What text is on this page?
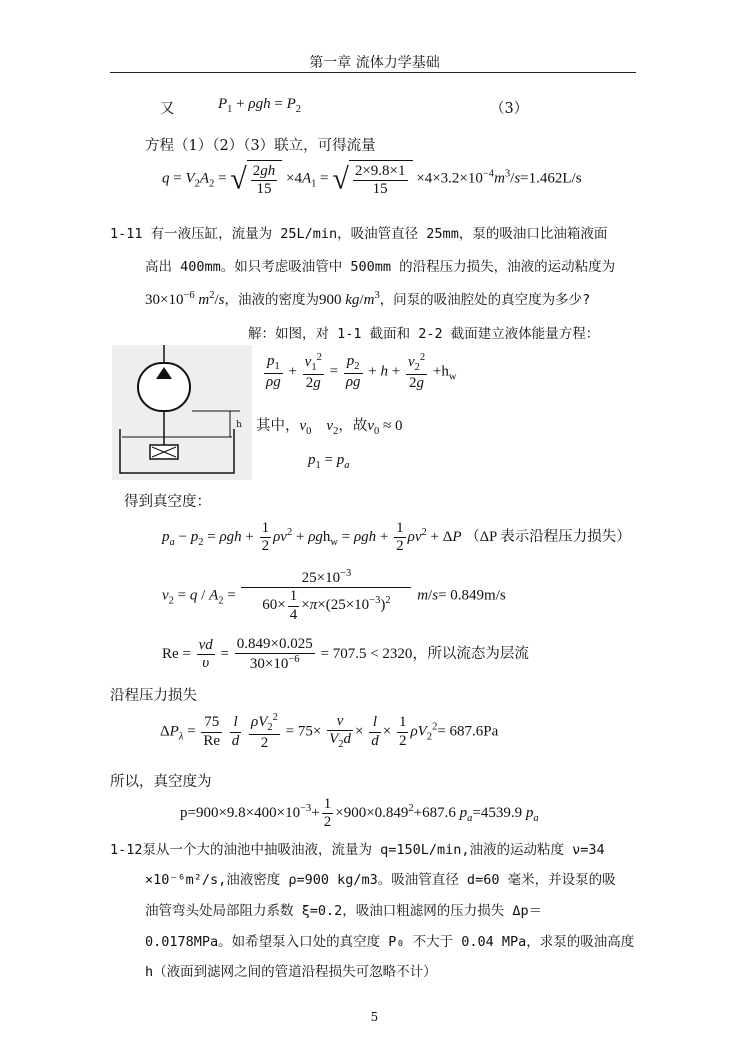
第一章 流体力学基础
又	$P_1 + \rho gh = P_2$	（3）
方程（1）（2）（3）联立，可得流量
$q = V_2A_2$ = √ $\frac{2gh}{15} \times 4A_1$ = √ $\frac{2\times 9.8\times 1}{15} \times 4\times 3.2\times 10^{-4}m^3/s=1.462L/s$
1-11 有一液压缸，流量为 25L/min，吸油管直径 25mm，泵的吸油口比油箱液面
高出 400mm。如只考虑吸油管中 500mm 的沿程压力损失，油液的运动粘度为
$30\times 10^{-6}$ $m^2/s$，油液的密度为900 $kg/m^3$，问泵的吸油腔处的真空度为多少?
解：如图，对 1-1 截面和 2-2 截面建立液体能量方程：
h
$\frac{p_1}{\rho g} + \frac{v_1^2}{2g} = \frac{p_2}{\rho g} + h + \frac{v_2^2}{2g} +h_w$
其中，$v_0$ $v_2$，故$v_0 \approx 0$
$p_1 = p_a$
得到真空度：
$p_a - p_2 = \rho gh + \frac{1}{2} \rho v^2 + \rho gh_w = \rho gh + \frac{1}{2} \rho v^2 + \Delta P$ （ΔP 表示沿程压力损失）
$v_2 = q / A_2 = \frac{25\times 10^{-3}}{60\times \frac{1}{4} \times\pi\times(25\times 10^{-3})^2} m/s= 0.849m/s$
$Re = \frac{vd}{\upsilon} = \frac{0.849\times 0.025}{30\times 10^{-6}} = 707.5 < 2320$，所以流态为层流
沿程压力损失
$\Delta P_\lambda = \frac{75}{Re}$
$\frac{l}{d}$
$\frac{\rho V_2^2}{2} = 75\times \frac{\nu}{V_2d} \times \frac{l}{d} \times \frac{1}{2} \rho V_2^2= 687.6Pa$
所以，真空度为
$p=900\times 9.8\times 400\times 10^{-3}+ \frac{1}{2} \times 900\times 0.849^2+687.6$ $p_a=4539.9$ $p_a$
1-12泵从一个大的油池中抽吸油液，流量为 q=150L/min,油液的运动粘度 ν=34
×10⁻⁶m²/s,油液密度 ρ=900 kg/m3。吸油管直径 d=60 毫米，并设泵的吸
油管弯头处局部阻力系数 ξ=0.2，吸油口粗滤网的压力损失 Δp＝
0.0178MPa。如希望泵入口处的真空度 P₀ 不大于 0.04 MPa，求泵的吸油高度
h（液面到滤网之间的管道沿程损失可忽略不计）
5
